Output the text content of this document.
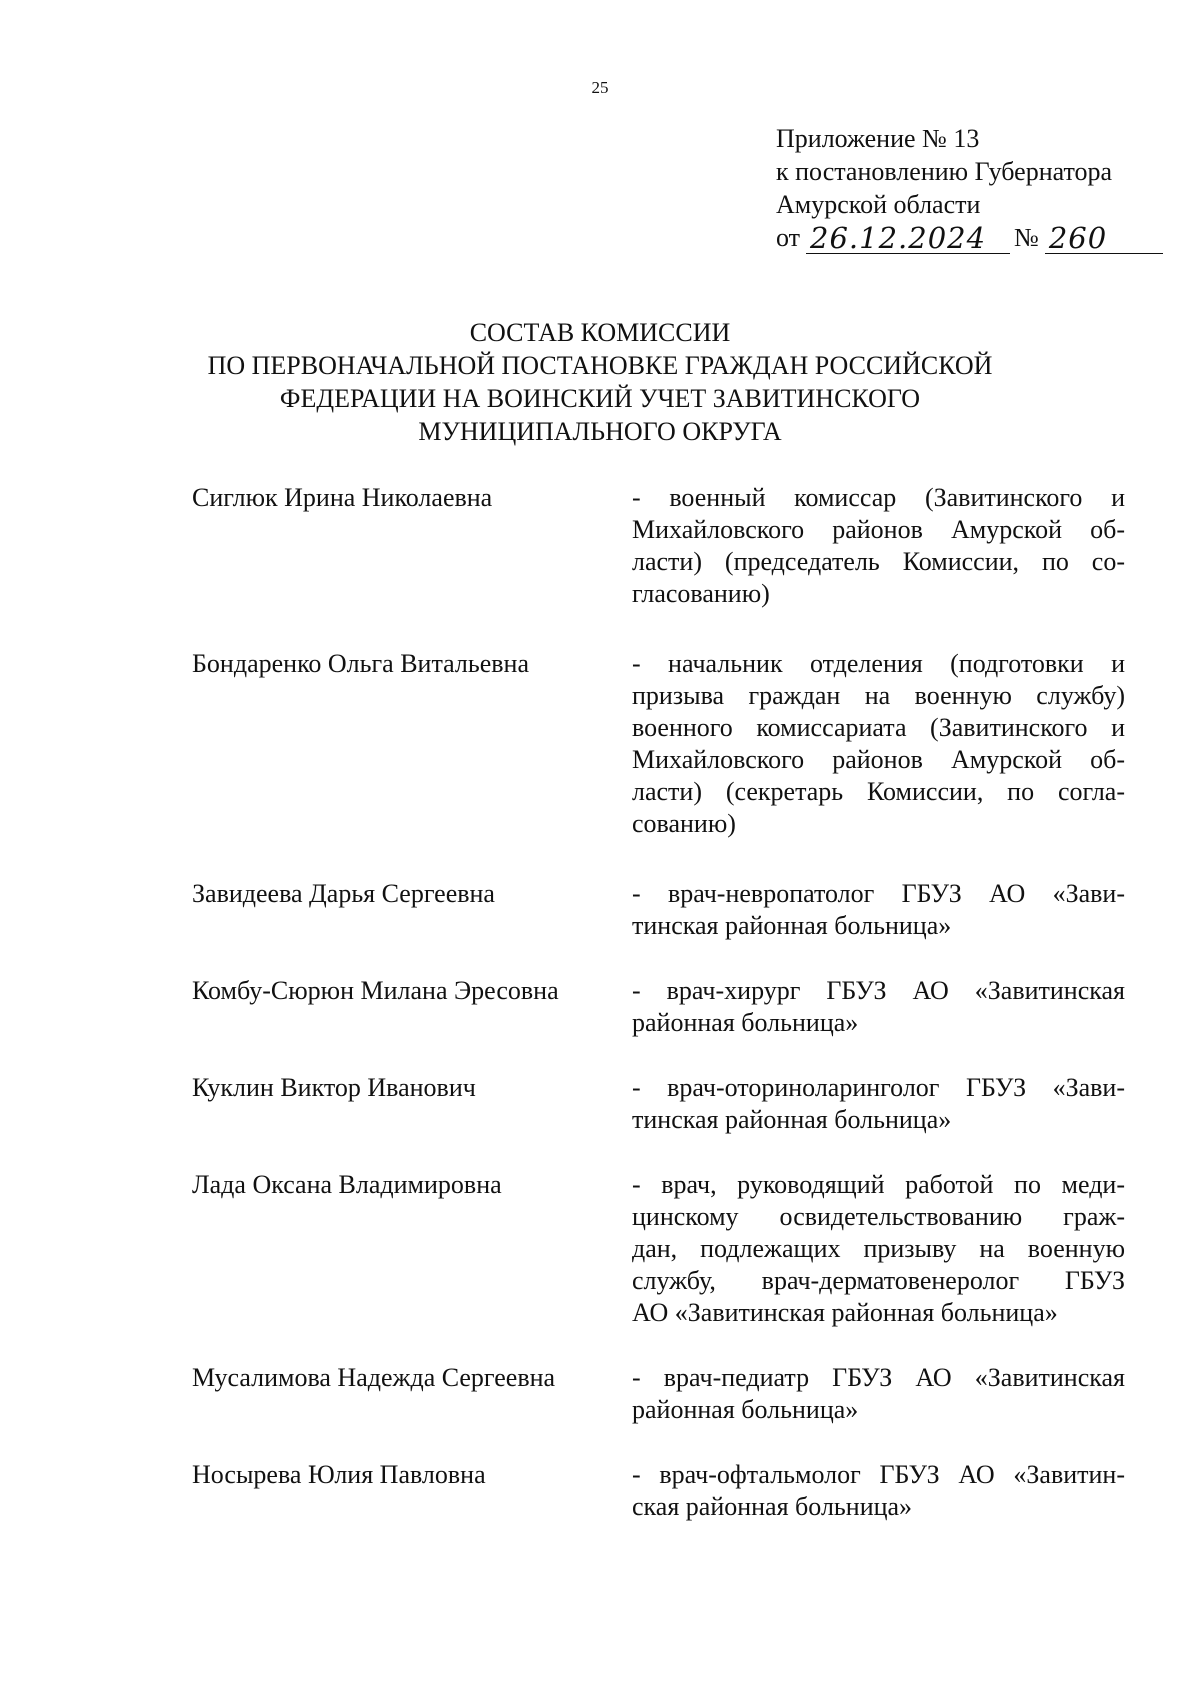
25
Приложение № 13
к постановлению Губернатора
Амурской области
от 26.12.2024	№ 260
СОСТАВ КОМИССИИ
ПО ПЕРВОНАЧАЛЬНОЙ ПОСТАНОВКЕ ГРАЖДАН РОССИЙСКОЙ
ФЕДЕРАЦИИ НА ВОИНСКИЙ УЧЕТ ЗАВИТИНСКОГО
МУНИЦИПАЛЬНОГО ОКРУГА
Сиглюк Ирина Николаевна	- военный комиссар (Завитинского и
Михайловского районов Амурской об-
ласти) (председатель Комиссии, по со-
гласованию)
Бондаренко Ольга Витальевна	- начальник отделения (подготовки и
призыва граждан на военную службу)
военного комиссариата (Завитинского и
Михайловского районов Амурской об-
ласти) (секретарь Комиссии, по согла-
сованию)
Завидеева Дарья Сергеевна	- врач-невропатолог ГБУЗ АО «Зави-
тинская районная больница»
Комбу-Сюрюн Милана Эресовна	- врач-хирург ГБУЗ АО «Завитинская
районная больница»
Куклин Виктор Иванович	- врач-оториноларинголог ГБУЗ «Зави-
тинская районная больница»
Лада Оксана Владимировна	- врач, руководящий работой по меди-
цинскому освидетельствованию граж-
дан, подлежащих призыву на военную
службу, врач-дерматовенеролог ГБУЗ
АО «Завитинская районная больница»
Мусалимова Надежда Сергеевна	- врач-педиатр ГБУЗ АО «Завитинская
районная больница»
Носырева Юлия Павловна	- врач-офтальмолог ГБУЗ АО «Завитин-
ская районная больница»
